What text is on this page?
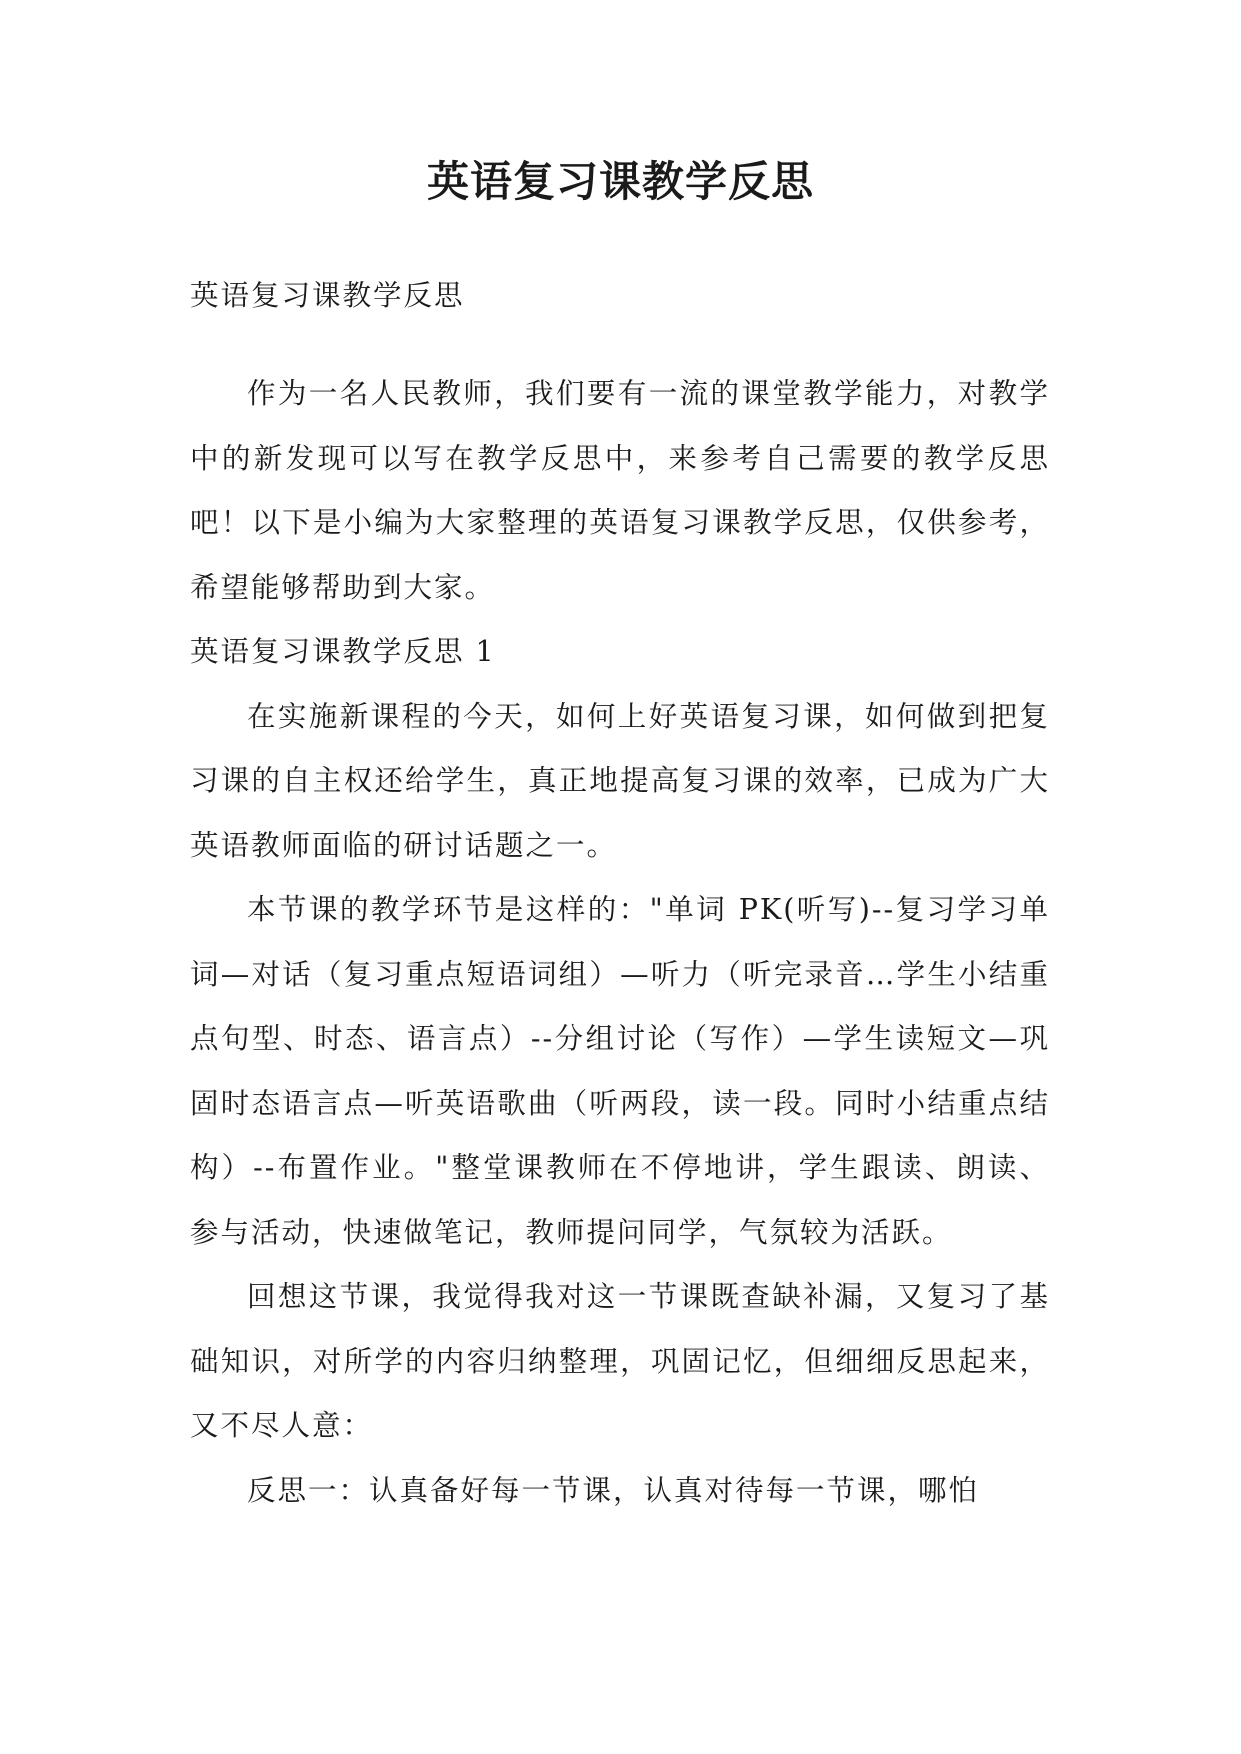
英语复习课教学反思

英语复习课教学反思

作为一名人民教师，我们要有一流的课堂教学能力，对教学中的新发现可以写在教学反思中，来参考自己需要的教学反思吧！以下是小编为大家整理的英语复习课教学反思，仅供参考，希望能够帮助到大家。

英语复习课教学反思 1

在实施新课程的今天，如何上好英语复习课，如何做到把复习课的自主权还给学生，真正地提高复习课的效率，已成为广大英语教师面临的研讨话题之一。

本节课的教学环节是这样的："单词 PK(听写)--复习学习单词—对话（复习重点短语词组）—听力（听完录音…学生小结重点句型、时态、语言点）--分组讨论（写作）—学生读短文—巩固时态语言点—听英语歌曲（听两段，读一段。同时小结重点结构）--布置作业。"整堂课教师在不停地讲，学生跟读、朗读、参与活动，快速做笔记，教师提问同学，气氛较为活跃。

回想这节课，我觉得我对这一节课既查缺补漏，又复习了基础知识，对所学的内容归纳整理，巩固记忆，但细细反思起来，又不尽人意：

反思一：认真备好每一节课，认真对待每一节课，哪怕
